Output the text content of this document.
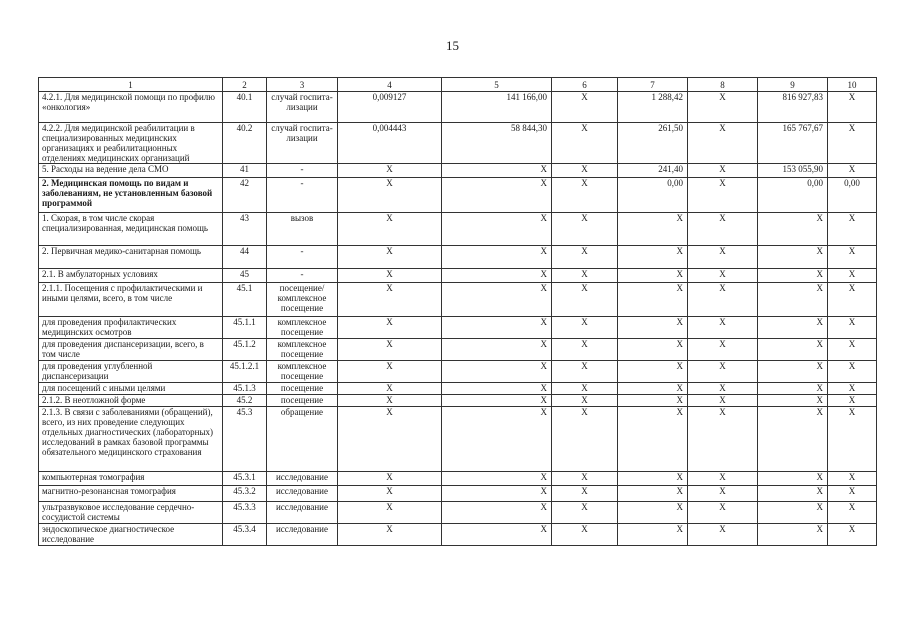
15
1	2	3	4	5	6	7	8	9	10
4.2.1. Для медицинской помощи по профилю «онкология»	40.1	случай госпита-лизации	0,009127	141 166,00	X	1 288,42	X	816 927,83	X
4.2.2. Для медицинской реабилитации в специализированных медицинских организациях и реабилитационных отделениях медицинских организаций	40.2	случай госпита-лизации	0,004443	58 844,30	X	261,50	X	165 767,67	X
5. Расходы на ведение дела СМО	41	-	X	X	X	241,40	X	153 055,90	X
2. Медицинская помощь по видам и заболеваниям, не установленным базовой программой	42	-	X	X	X	0,00	X	0,00	0,00
1. Скорая, в том числе скорая специализированная, медицинская помощь	43	вызов	X	X	X	X	X	X	X
2. Первичная медико-санитарная помощь	44	-	X	X	X	X	X	X	X
2.1. В амбулаторных условиях	45	-	X	X	X	X	X	X	X
2.1.1. Посещения с профилактическими и иными целями, всего, в том числе	45.1	посещение/ комплексное посещение	X	X	X	X	X	X	X
для проведения профилактических медицинских осмотров	45.1.1	комплексное посещение	X	X	X	X	X	X	X
для проведения диспансеризации, всего, в том числе	45.1.2	комплексное посещение	X	X	X	X	X	X	X
для проведения углубленной диспансеризации	45.1.2.1	комплексное посещение	X	X	X	X	X	X	X
для посещений с иными целями	45.1.3	посещение	X	X	X	X	X	X	X
2.1.2. В неотложной форме	45.2	посещение	X	X	X	X	X	X	X
2.1.3. В связи с заболеваниями (обращений), всего, из них проведение следующих отдельных диагностических (лабораторных) исследований в рамках базовой программы обязательного медицинского страхования	45.3	обращение	X	X	X	X	X	X	X
компьютерная томография	45.3.1	исследование	X	X	X	X	X	X	X
магнитно-резонансная томография	45.3.2	исследование	X	X	X	X	X	X	X
ультразвуковое исследование сердечно-сосудистой системы	45.3.3	исследование	X	X	X	X	X	X	X
эндоскопическое диагностическое исследование	45.3.4	исследование	X	X	X	X	X	X	X
